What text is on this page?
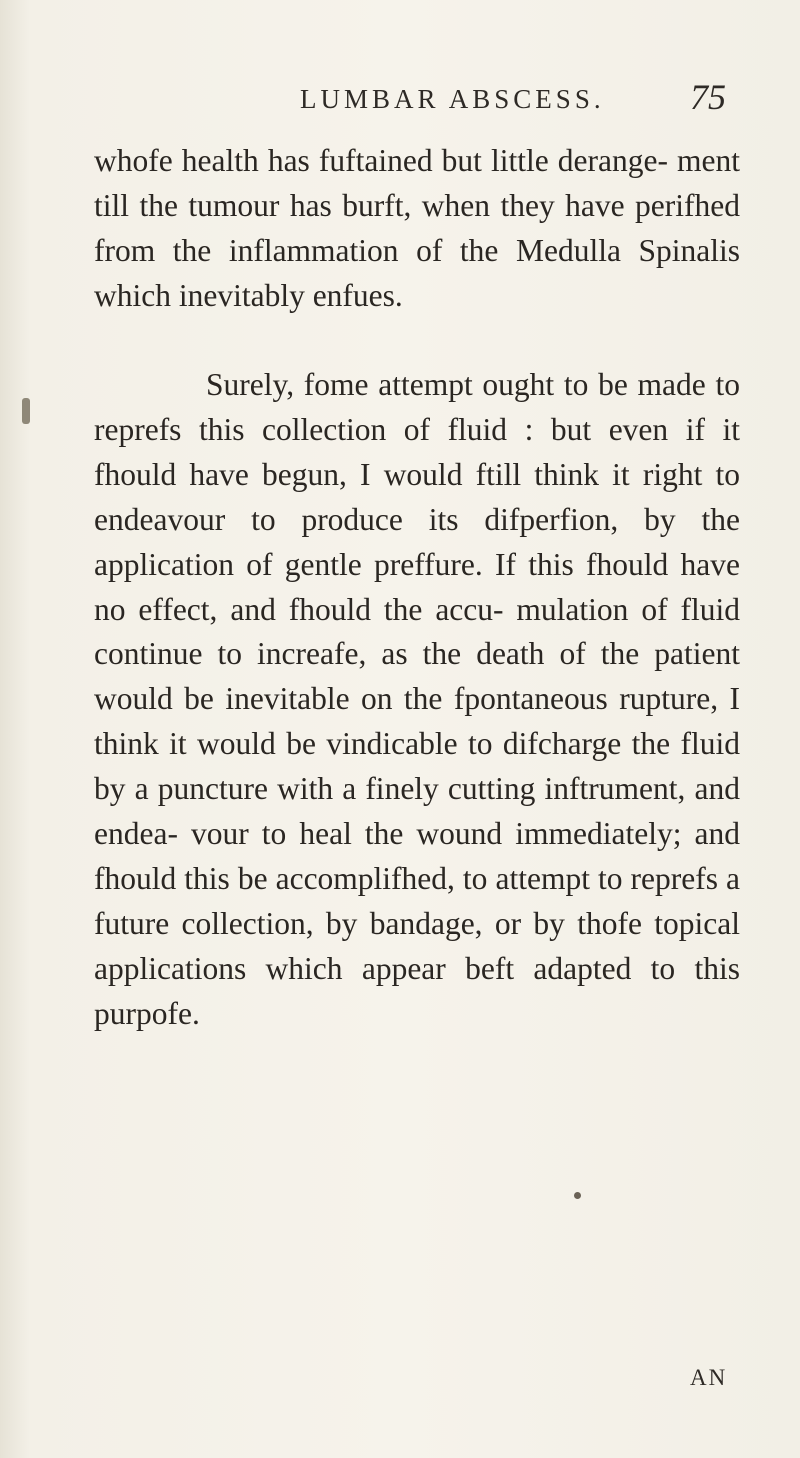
LUMBAR ABSCESS. 75
whofe health has fuftained but little derange- ment till the tumour has burft, when they have perifhed from the inflammation of the Medulla Spinalis which inevitably enfues.
Surely, fome attempt ought to be made to reprefs this collection of fluid : but even if it fhould have begun, I would ftill think it right to endeavour to produce its difperfion, by the application of gentle preffure. If this fhould have no effect, and fhould the accu- mulation of fluid continue to increafe, as the death of the patient would be inevitable on the fpontaneous rupture, I think it would be vindicable to difcharge the fluid by a puncture with a finely cutting inftrument, and endea- vour to heal the wound immediately; and fhould this be accomplifhed, to attempt to reprefs a future collection, by bandage, or by thofe topical applications which appear beft adapted to this purpofe.
AN
